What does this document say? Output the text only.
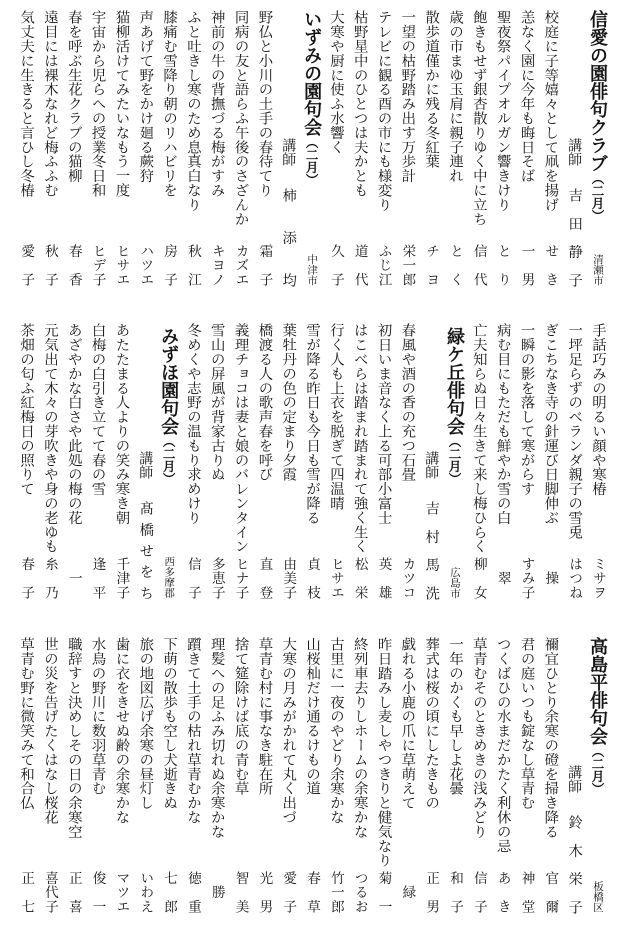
信愛の園俳句クラブ（二月）
清瀬市
講師
吉田静子
校庭に子等嬉々として凧を揚げ
せき
恙なく園に今年も晦日そば
一男
聖夜祭パイプオルガン響きけり
とり
飽きもせず銀杏散りゆく中に立ち
信代
歳の市まゆ玉肩に親子連れ
とく
散歩道僅かに残る冬紅葉
チヨ
一望の枯野踏み出す万歩計
栄一郎
テレビに観る酉の市にも様変り
ふじ江
枯野星中のひとつは夫かとも
道代
大寒や厨に使ふ水響く
久子
いずみの園句会（二月）
中津市
講師
柿添均
野仏と小川の土手の春待てり
霜子
同病の友と語らふ午後のさざんか
カズエ
神前の牛の背撫づる梅がすみ
キヨノ
ふと吐きし寒のため息真白なり
秋江
膝痛む雪降り朝のリハビリを
房子
声あげて野をかけ廻る蕨狩
ハツエ
猫柳活けてみたいなもう一度
ヒサエ
宇宙から児らへの授業冬日和
ヒデ子
春を呼ぶ生花クラブの猫柳
春香
遠目には裸木なれど梅ふふむ
秋子
気丈夫に生きると言ひし冬椿
愛子
手話巧みの明るい顔や寒椿
ミサヲ
一坪足らずのベランダ親子の雪兎
はつね
ぎこちなき寺の針運び日脚伸ぶ
操
一瞬の影を落して寒がらす
すみ子
病む目にもただも鮮やか雪の白
翠
亡夫知らぬ日々生きて来し梅ひらく
柳女
緑ケ丘俳句会（二月）
広島市
講師
吉村馬洗
春風や酒の香の充つ石畳
カツコ
初日いま音なく上る可部小富士
英雄
はこべらは踏まれ踏まれて強く生く
松栄
行く人も上衣を脱ぎて四温晴
ヒサエ
雪が降る昨日も今日も雪が降る
貞枝
葉牡丹の色の定まり夕霞
由美子
橋渡る人の歌声春を呼び
直登
義理チョコは妻と娘のバレンタイン
ヒナ子
雪山の屏風が背家古りぬ
多恵子
冬めくや志野の温もり求めけり
信子
みずほ園句会（二月）
西多摩郡
講師
髙橋せをち
あたたまる人よりの笑み寒き朝
千津子
白梅の白引き立てて春の雪
逢平
あざやかな白さや此処の梅の花
一
元気出て木々の芽吹きや身の老ゆも
糸乃
茶畑の匂ふ紅梅日の照りて
春子
高島平俳句会（二月）
板橋区
講師
鈴木栄子
禰宜ひとり余寒の磴を掃き降る
官爾
君の庭いつも錠なし草青む
神堂
つくばひの水まだかたく利休の忌
あき
草青むそのときめきの浅みどり
信子
一年のかくも早しよ花曇
和子
葬式は桜の頃にしたきもの
正男
戯れる小鹿の爪に草萌えて
緑
昨日踏みし麦しやつきりと健気なり
菊一
終列車去りしホームの余寒かな
つるお
古里に一夜のやどり余寒かな
竹一郎
山桜杣だけ通るけもの道
春草
大寒の月みがかれて丸く出づ
愛子
草青む村に事なき駐在所
光男
捨て筵除けば底の青む草
智美
理髪への足ふみ切れぬ余寒かな
勝
躓きて土手の枯れ草青むかな
徳重
下萌の散歩も空し犬逝きぬ
七郎
旅の地図広げ余寒の昼灯し
いわえ
歯に衣をきせぬ齢の余寒かな
マツエ
水鳥の野川に数羽草青む
俊一
職辞すと決めしその日の余寒空
正喜
世の災を告げたくはなし桜花
喜代子
草青む野に微笑みて和合仏
正七
